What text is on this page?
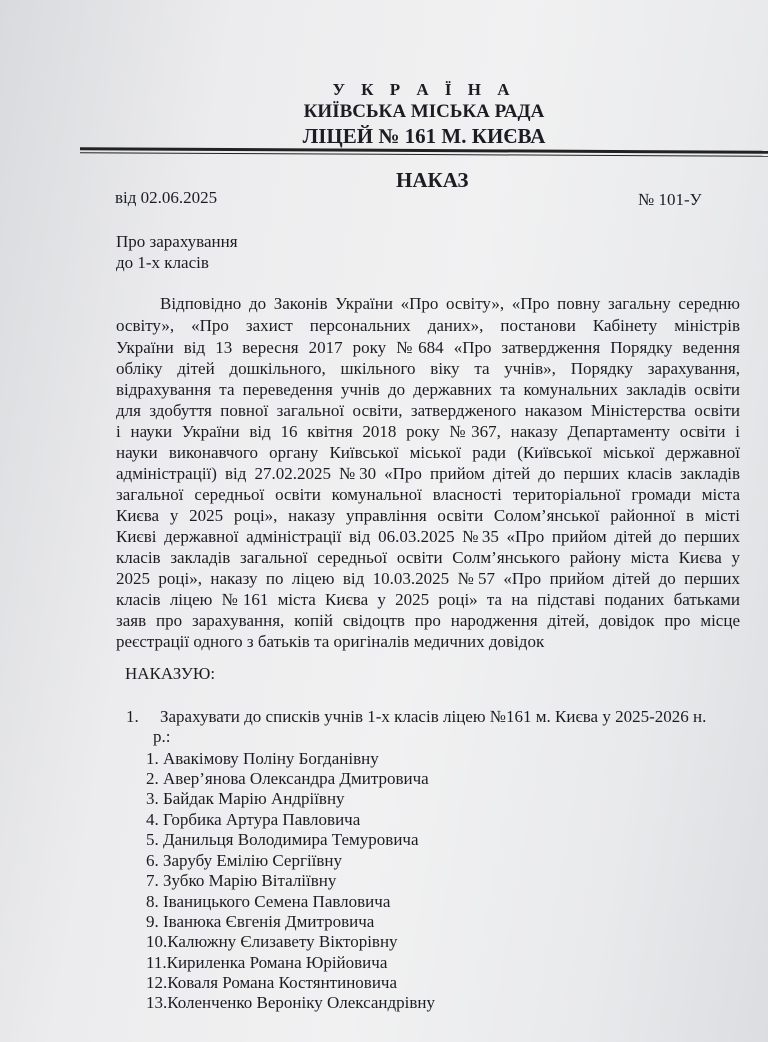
У К Р А Ї Н А
КИЇВСЬКА МІСЬКА РАДА
ЛІЦЕЙ № 161 М. КИЄВА
НАКАЗ
від 02.06.2025	№ 101-У
Про зарахування
до 1-х класів
Відповідно до Законів України «Про освіту», «Про повну загальну середню
освіту», «Про захист персональних даних», постанови Кабінету міністрів
України від 13 вересня 2017 року №684 «Про затвердження Порядку ведення
обліку дітей дошкільного, шкільного віку та учнів», Порядку зарахування,
відрахування та переведення учнів до державних та комунальних закладів освіти
для здобуття повної загальної освіти, затвердженого наказом Міністерства освіти
і науки України від 16 квітня 2018 року №367, наказу Департаменту освіти і
науки виконавчого органу Київської міської ради (Київської міської державної
адміністрації) від 27.02.2025 №30 «Про прийом дітей до перших класів закладів
загальної середньої освіти комунальної власності територіальної громади міста
Києва у 2025 році», наказу управління освіти Солом’янської районної в місті
Києві державної адміністрації від 06.03.2025 №35 «Про прийом дітей до перших
класів закладів загальної середньої освіти Солм’янського району міста Києва у
2025 році», наказу по ліцею від 10.03.2025 №57 «Про прийом дітей до перших
класів ліцею №161 міста Києва у 2025 році» та на підставі поданих батьками
заяв про зарахування, копій свідоцтв про народження дітей, довідок про місце
реєстрації одного з батьків та оригіналів медичних довідок
НАКАЗУЮ:
1. Зарахувати до списків учнів 1-х класів ліцею №161 м. Києва у 2025-2026 н.
р.:
1. Авакімову Поліну Богданівну
2. Авер’янова Олександра Дмитровича
3. Байдак Марію Андріївну
4. Горбика Артура Павловича
5. Данильця Володимира Темуровича
6. Зарубу Емілію Сергіївну
7. Зубко Марію Віталіївну
8. Іваницького Семена Павловича
9. Іванюка Євгенія Дмитровича
10.Калюжну Єлизавету Вікторівну
11.Кириленка Романа Юрійовича
12.Коваля Романа Костянтиновича
13.Коленченко Вероніку Олександрівну
